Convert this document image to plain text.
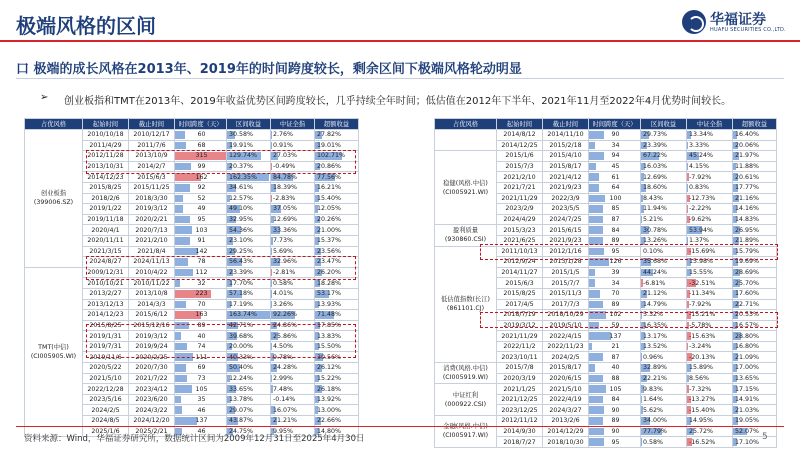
极端风格的区间	华福证券
HUAFU SECURITIES CO.,LTD.
口 极端的成长风格在2013年、2019年的时间跨度较长，剩余区间下极端风格轮动明显
➢ 创业板指和TMT在2013年、2019年收益优势区间跨度较长，几乎持续全年时间；低估值在2012年下半年、2021年11月至2022年4月优势时间较长。
占优风格	起始时间	截止时间	时间跨度（天）	区间收益	中证全指	超额收益
创业板指
(399006.SZ)	2010/10/18	2010/12/17	60	30.58%	2.76%	27.82%
	2011/4/29	2011/7/6	68	19.91%	0.91%	19.01%
	2012/11/28	2013/10/9	315	129.74%	27.03%	102.71%
	2013/10/31	2014/2/7	99	20.37%	-0.49%	20.86%
	2014/12/23	2015/6/3	162	162.35%	84.78%	77.56%
	2015/8/25	2015/11/25	92	34.61%	18.39%	16.21%
	2018/2/6	2018/3/30	52	12.57%	-2.83%	15.40%
	2019/1/22	2019/3/12	49	49.10%	37.05%	12.05%
	2019/11/18	2020/2/21	95	32.95%	12.69%	20.26%
	2020/4/1	2020/7/13	103	54.36%	33.36%	21.00%
	2020/11/11	2021/2/10	91	23.10%	7.73%	15.37%
	2021/3/15	2021/8/4	142	29.25%	5.69%	23.56%
	2024/8/27	2024/11/13	78	56.43%	32.96%	23.47%
TMT(中信)
(CI005905.WI)	2009/12/31	2010/4/22	112	23.39%	-2.81%	26.20%
	2010/10/21	2010/11/22	32	17.70%	0.58%	18.28%
	2013/2/27	2013/10/8	223	57.18%	4.01%	53.17%
	2013/12/13	2014/3/3	70	17.19%	3.26%	13.93%
	2014/12/23	2015/6/12	163	163.74%	92.26%	71.48%
	2015/8/25	2015/12/16	89	42.71%	24.86%	17.85%
	2019/1/31	2019/3/12	40	39.68%	25.86%	13.83%
	2019/7/31	2019/9/24	74	20.00%	4.50%	15.50%
	2019/11/6	2020/2/25	111	40.33%	9.78%	30.56%
	2020/5/22	2020/7/30	69	50.40%	24.28%	26.12%
	2021/5/10	2021/7/22	73	12.24%	2.99%	15.22%
	2022/12/28	2023/4/12	105	33.65%	7.48%	26.18%
	2023/5/16	2023/6/20	35	13.78%	-0.14%	13.92%
	2024/2/5	2024/3/22	46	29.07%	16.07%	13.00%
	2024/8/5	2024/12/20	137	43.87%	21.21%	22.66%
	2025/1/6	2025/2/21	46	24.75%	9.95%	14.80%
占优风格	起始时间	截止时间	时间跨度（天）	区间收益	中证全指	超额收益
	2014/8/12	2014/11/10	90	29.73%	13.34%	16.40%
	2014/12/25	2015/2/18	34	23.39%	3.33%	20.06%
稳健(风格.中信)
(CI005921.WI)	2015/1/6	2015/4/10	94	67.22%	45.24%	21.97%
	2015/7/3	2015/8/17	45	16.03%	4.15%	11.88%
	2021/2/10	2021/4/12	61	12.69%	-7.92%	20.61%
	2021/7/21	2021/9/23	64	18.60%	0.83%	17.77%
	2021/11/29	2022/3/9	100	8.43%	-12.73%	21.16%
	2023/2/9	2023/5/5	85	11.94%	-2.22%	14.16%
	2024/4/29	2024/7/25	87	5.21%	-9.62%	14.83%
盈利质量
(930860.CSI)	2015/3/23	2015/6/15	84	30.78%	53.94%	26.95%
	2021/6/25	2021/9/23	89	13.26%	1.37%	21.89%
低估值指数(长江)
(861101.CJ)	2011/10/13	2012/1/16	95	0.10%	-15.69%	15.79%
	2012/9/24	2013/1/28	126	35.68%	15.98%	19.69%
	2014/11/27	2015/1/5	39	44.24%	15.55%	28.69%
	2015/6/3	2015/7/7	34	-6.81%	-32.51%	25.70%
	2015/8/25	2015/11/3	70	21.12%	-11.34%	17.60%
	2017/4/5	2017/7/3	89	14.79%	-7.92%	22.71%
	2018/7/19	2018/10/29	102	5.32%	-15.21%	20.53%
	2019/3/12	2019/5/10	59	16.35%	-5.78%	16.57%
	2021/11/29	2022/4/15	137	13.17%	-15.63%	28.80%
	2022/11/2	2022/11/23	21	13.52%	-3.24%	16.80%
	2023/10/11	2024/2/5	87	0.96%	-20.13%	21.09%
消费(风格.中信)
(CI005919.WI)	2015/7/8	2015/8/17	40	32.89%	15.89%	17.00%
	2020/3/19	2020/6/15	88	22.21%	8.56%	13.65%
中证红利
(000922.CSI)	2021/1/25	2021/5/10	105	9.83%	-7.32%	17.15%
	2021/12/25	2022/4/19	84	1.64%	-13.27%	14.91%
	2023/12/25	2024/3/27	90	5.62%	-15.40%	21.03%

(CI005917.WI)	2012/11/12	2013/2/6	89	34.00%	14.95%	19.05%
	2014/9/30	2014/12/29	90	77.79%	25.72%	52.07%
	2018/7/27	2018/10/30	95	0.58%	-16.52%	17.10%
资料来源：Wind，华福证券研究所，数据统计区间为2009年12月31日至2025年4月30日	5
